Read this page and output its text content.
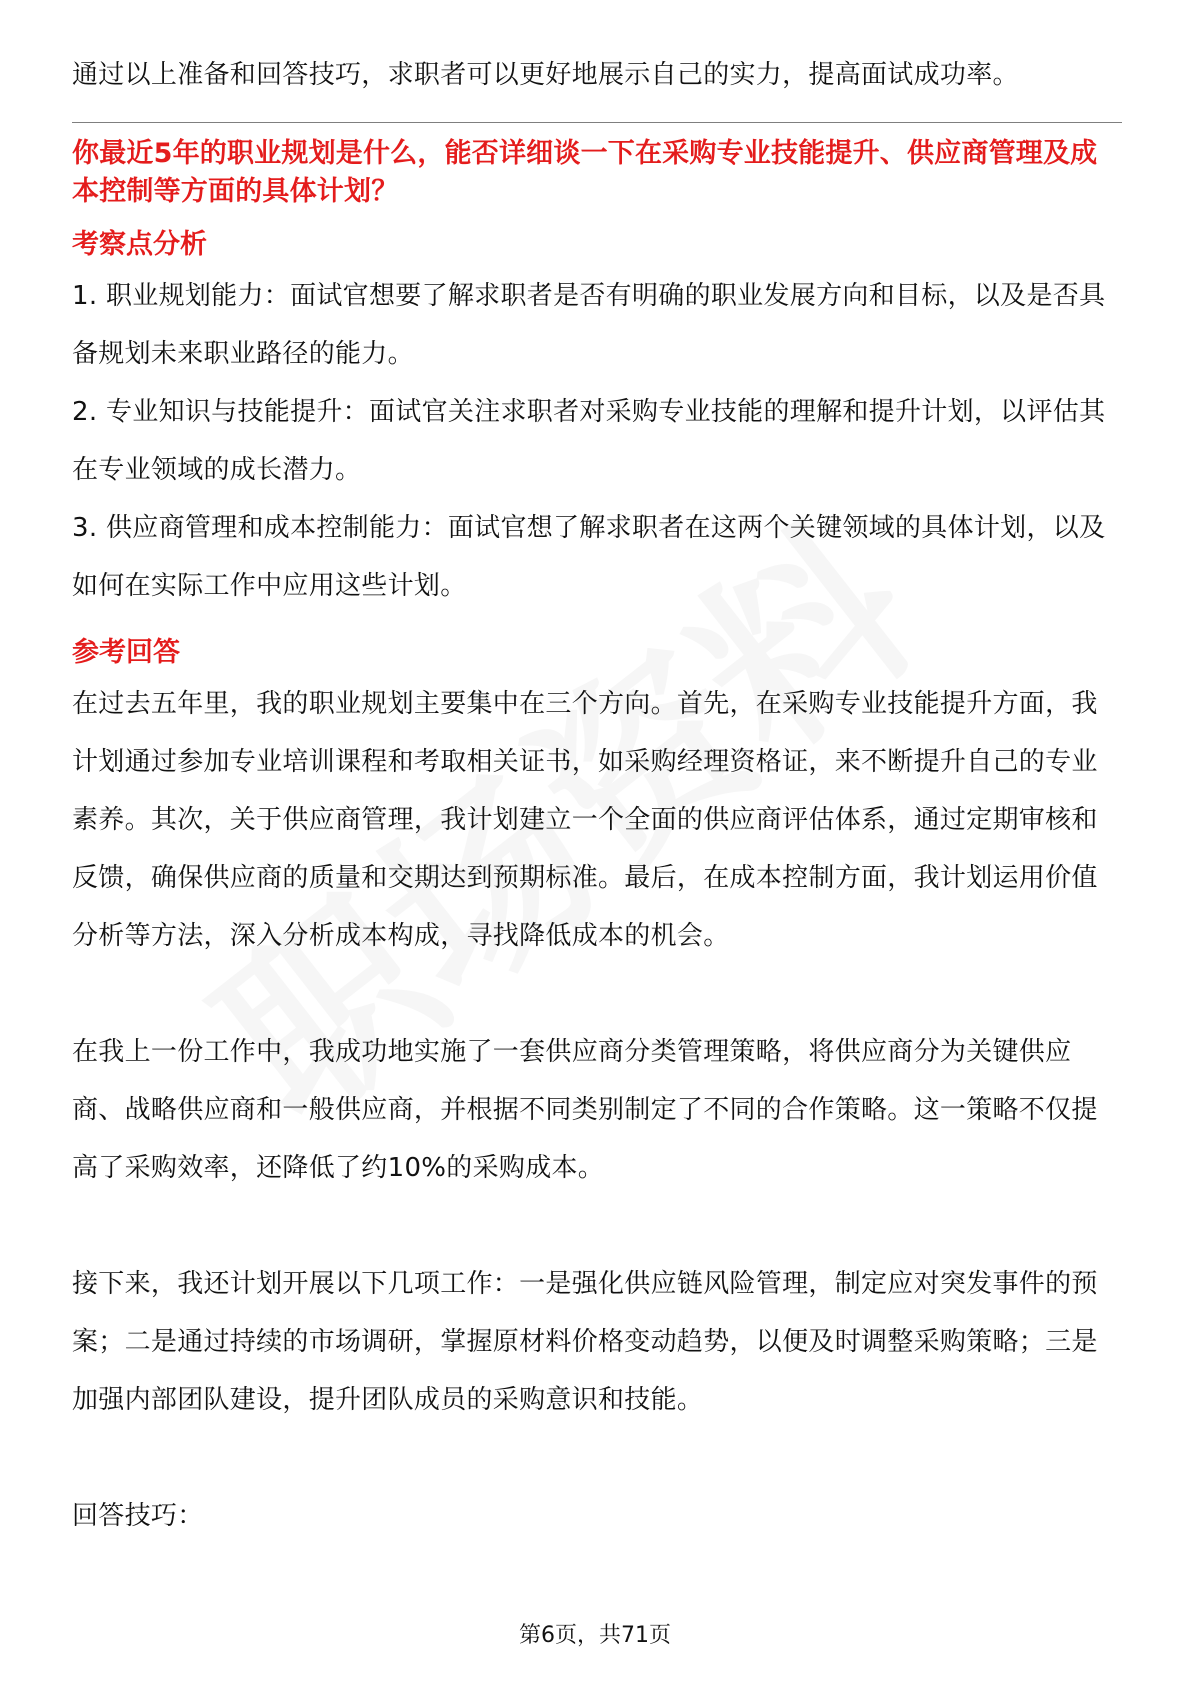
通过以上准备和回答技巧，求职者可以更好地展示自己的实力，提高面试成功率。

你最近5年的职业规划是什么，能否详细谈一下在采购专业技能提升、供应商管理及成本控制等方面的具体计划？

考察点分析

1. 职业规划能力：面试官想要了解求职者是否有明确的职业发展方向和目标，以及是否具备规划未来职业路径的能力。

2. 专业知识与技能提升：面试官关注求职者对采购专业技能的理解和提升计划，以评估其在专业领域的成长潜力。

3. 供应商管理和成本控制能力：面试官想了解求职者在这两个关键领域的具体计划，以及如何在实际工作中应用这些计划。

参考回答

在过去五年里，我的职业规划主要集中在三个方向。首先，在采购专业技能提升方面，我计划通过参加专业培训课程和考取相关证书，如采购经理资格证，来不断提升自己的专业素养。其次，关于供应商管理，我计划建立一个全面的供应商评估体系，通过定期审核和反馈，确保供应商的质量和交期达到预期标准。最后，在成本控制方面，我计划运用价值分析等方法，深入分析成本构成，寻找降低成本的机会。

在我上一份工作中，我成功地实施了一套供应商分类管理策略，将供应商分为关键供应商、战略供应商和一般供应商，并根据不同类别制定了不同的合作策略。这一策略不仅提高了采购效率，还降低了约10%的采购成本。

接下来，我还计划开展以下几项工作：一是强化供应链风险管理，制定应对突发事件的预案；二是通过持续的市场调研，掌握原材料价格变动趋势，以便及时调整采购策略；三是加强内部团队建设，提升团队成员的采购意识和技能。

回答技巧：

第6页，共71页
